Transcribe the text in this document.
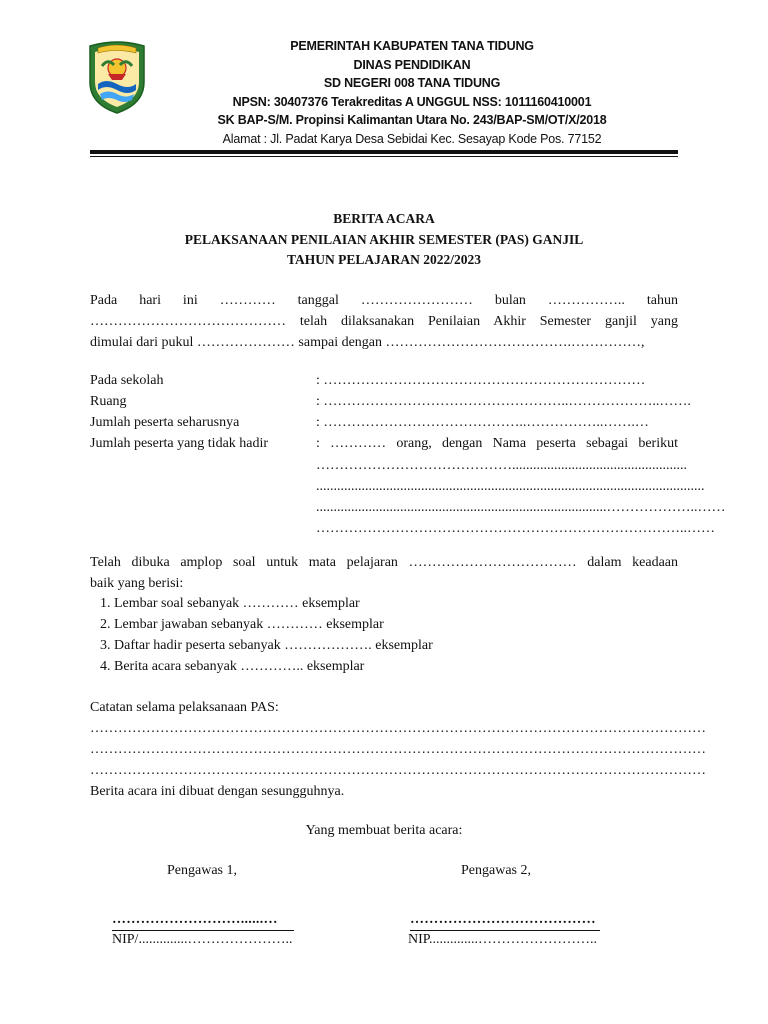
PEMERINTAH KABUPATEN TANA TIDUNG
DINAS PENDIDIKAN
SD NEGERI 008 TANA TIDUNG
NPSN: 30407376 Terakreditas A UNGGUL NSS: 1011160410001
SK BAP-S/M. Propinsi Kalimantan Utara No. 243/BAP-SM/OT/X/2018
Alamat : Jl. Padat Karya Desa Sebidai Kec. Sesayap Kode Pos. 77152
BERITA ACARA
PELAKSANAAN PENILAIAN AKHIR SEMESTER (PAS) GANJIL
TAHUN PELAJARAN 2022/2023
Pada hari ini ………… tanggal …………………… bulan …………….. tahun
…………………………………… telah dilaksanakan Penilaian Akhir Semester ganjil yang
dimulai dari pukul ………………… sampai dengan ………………………………….……………,
Pada sekolah	: ……………………………………………………………
Ruang	: ……………………………………………..………………..…….
Jumlah peserta seharusnya	: ……………………………………..……………..…….…
Jumlah peserta yang tidak hadir	: ………… orang, dengan Nama peserta sebagai berikut
……………………………………..................................................
...............................................................................................................
...................................................................................………………..……
……………………………………………………………………..……
Telah dibuka amplop soal untuk mata pelajaran ……………………………… dalam keadaan
baik yang berisi:
1. Lembar soal sebanyak ………… eksemplar
2. Lembar jawaban sebanyak ………… eksemplar
3. Daftar hadir peserta sebanyak ………………. eksemplar
4. Berita acara sebanyak ………….. eksemplar
Catatan selama pelaksanaan PAS:
……………………………………………………………………………………………………………………
……………………………………………………………………………………………………………………
……………………………………………………………………………………………………………………
Berita acara ini dibuat dengan sesungguhnya.
Yang membuat berita acara:
Pengawas 1,	Pengawas 2,
………………………......…
NIP/..............…………………..
…………………………………
NIP..............……………………..
